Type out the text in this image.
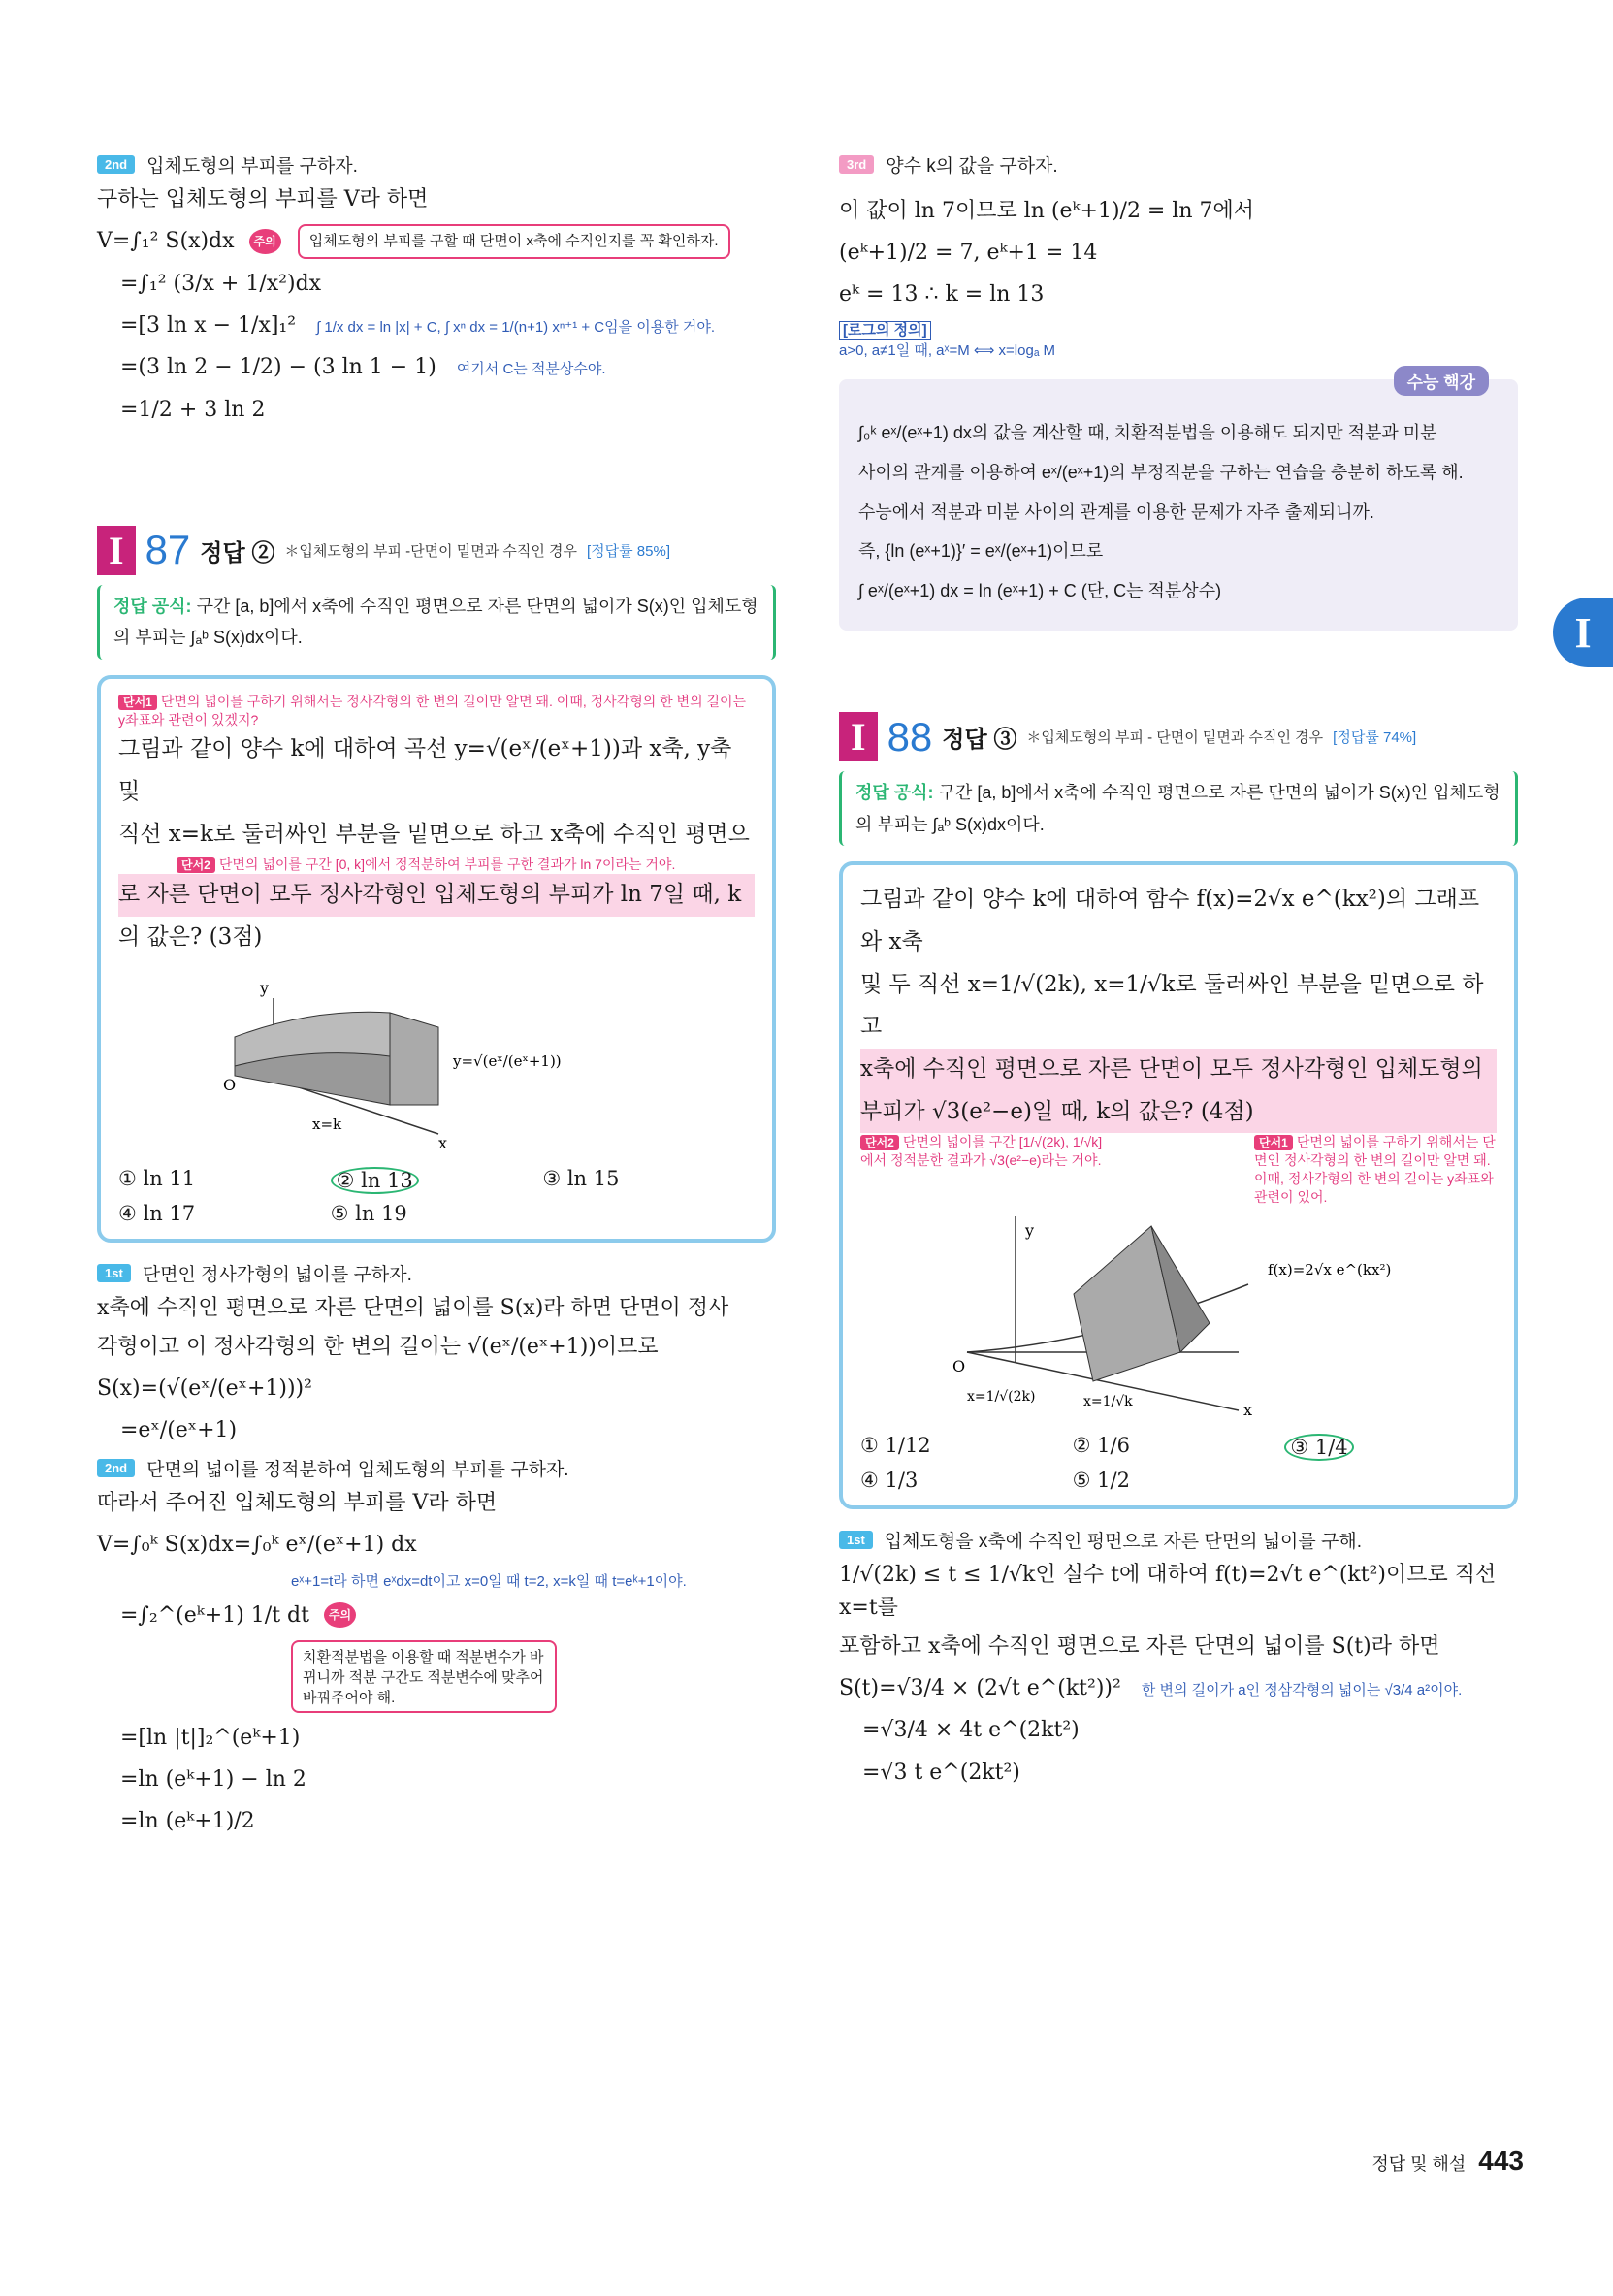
2nd	입체도형의 부피를 구하자.
구하는 입체도형의 부피를 V라 하면
V=∫₁² S(x)dx 주의 입체도형의 부피를 구할 때 단면이 x축에 수직인지를 꼭 확인하자.
=∫₁² (3/x + 1/x²)dx
=[3 ln x − 1/x]₁² ∫ 1/x dx = ln |x| + C, ∫ xⁿ dx = 1/(n+1) xⁿ⁺¹ + C임을 이용한 거야.
=(3 ln 2 − 1/2) − (3 ln 1 − 1) 여기서 C는 적분상수야.
=1/2 + 3 ln 2
I 87 정답 ② ＊입체도형의 부피 -단면이 밑면과 수직인 경우 [정답률 85%]
정답 공식: 구간 [a, b]에서 x축에 수직인 평면으로 자른 단면의 넓이가 S(x)인 입체도형의 부피는 ∫ₐᵇ S(x)dx이다.
단서1 단면의 넓이를 구하기 위해서는 정사각형의 한 변의 길이만 알면 돼. 이때, 정사각형의 한 변의 길이는 y좌표와 관련이 있겠지?
그림과 같이 양수 k에 대하여 곡선 y=√(eˣ/(eˣ+1))과 x축, y축 및
직선 x=k로 둘러싸인 부분을 밑면으로 하고 x축에 수직인 평면으
단서2 단면의 넓이를 구간 [0, k]에서 정적분하여 부피를 구한 결과가 ln 7이라는 거야.
로 자른 단면이 모두 정사각형인 입체도형의 부피가 ln 7일 때, k
의 값은? (3점)
y
O
y=√(eˣ/(eˣ+1))
x=k
x
① ln 11	② ln 13	③ ln 15
④ ln 17	⑤ ln 19
1st	단면인 정사각형의 넓이를 구하자.
x축에 수직인 평면으로 자른 단면의 넓이를 S(x)라 하면 단면이 정사
각형이고 이 정사각형의 한 변의 길이는 √(eˣ/(eˣ+1))이므로
S(x)=(√(eˣ/(eˣ+1)))²
=eˣ/(eˣ+1)
2nd	단면의 넓이를 정적분하여 입체도형의 부피를 구하자.
따라서 주어진 입체도형의 부피를 V라 하면
V=∫₀ᵏ S(x)dx=∫₀ᵏ eˣ/(eˣ+1) dx
eˣ+1=t라 하면 eˣdx=dt이고 x=0일 때 t=2, x=k일 때 t=eᵏ+1이야.
=∫₂^(eᵏ+1) 1/t dt 주의
치환적분법을 이용할 때 적분변수가 바뀌니까 적분 구간도 적분변수에 맞추어 바꿔주어야 해.
=[ln |t|]₂^(eᵏ+1)
=ln (eᵏ+1) − ln 2
=ln (eᵏ+1)/2
3rd	양수 k의 값을 구하자.
이 값이 ln 7이므로 ln (eᵏ+1)/2 = ln 7에서
(eᵏ+1)/2 = 7, eᵏ+1 = 14
eᵏ = 13 ∴ k = ln 13
[로그의 정의]
a>0, a≠1일 때, aˣ=M ⟺ x=logₐ M
수능 핵강

∫₀ᵏ eˣ/(eˣ+1) dx의 값을 계산할 때, 치환적분법을 이용해도 되지만 적분과 미분

사이의 관계를 이용하여 eˣ/(eˣ+1)의 부정적분을 구하는 연습을 충분히 하도록 해.

수능에서 적분과 미분 사이의 관계를 이용한 문제가 자주 출제되니까.

즉, {ln (eˣ+1)}′ = eˣ/(eˣ+1)이므로

∫ eˣ/(eˣ+1) dx = ln (eˣ+1) + C (단, C는 적분상수)

I 88 정답 ③ ＊입체도형의 부피 - 단면이 밑면과 수직인 경우 [정답률 74%]
정답 공식: 구간 [a, b]에서 x축에 수직인 평면으로 자른 단면의 넓이가 S(x)인 입체도형의 부피는 ∫ₐᵇ S(x)dx이다.
그림과 같이 양수 k에 대하여 함수 f(x)=2√x e^(kx²)의 그래프와 x축
및 두 직선 x=1/√(2k), x=1/√k로 둘러싸인 부분을 밑면으로 하고
x축에 수직인 평면으로 자른 단면이 모두 정사각형인 입체도형의
부피가 √3(e²−e)일 때, k의 값은? (4점)
단서2 단면의 넓이를 구간 [1/√(2k), 1/√k]에서 정적분한 결과가 √3(e²−e)라는 거야.
단서1 단면의 넓이를 구하기 위해서는 단면인 정사각형의 한 변의 길이만 알면 돼. 이때, 정사각형의 한 변의 길이는 y좌표와 관련이 있어.
y
O
f(x)=2√x e^(kx²)
x=1/√(2k)	x=1/√k	x
① 1/12	② 1/6	③ 1/4
④ 1/3	⑤ 1/2
1st	입체도형을 x축에 수직인 평면으로 자른 단면의 넓이를 구해.
1/√(2k) ≤ t ≤ 1/√k인 실수 t에 대하여 f(t)=2√t e^(kt²)이므로 직선 x=t를
포함하고 x축에 수직인 평면으로 자른 단면의 넓이를 S(t)라 하면
S(t)=√3/4 × (2√t e^(kt²))² 한 변의 길이가 a인 정삼각형의 넓이는 √3/4 a²이야.
=√3/4 × 4t e^(2kt²)
=√3 t e^(2kt²)
I
정답 및 해설 443
